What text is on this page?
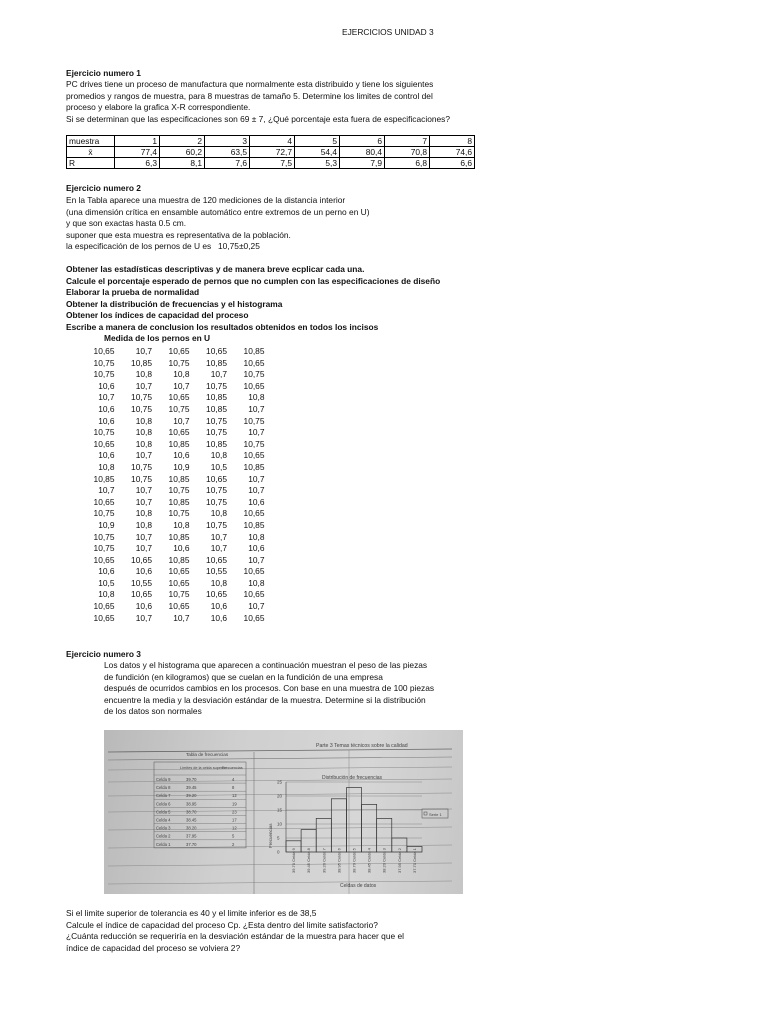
EJERCICIOS UNIDAD 3
Ejercicio numero 1
PC drives tiene un proceso de manufactura que normalmente esta distribuido y tiene los siguientes
promedios y rangos de muestra, para 8 muestras de tamaño 5. Determine los limites de control del
proceso y elabore la grafica X-R correspondiente.
Si se determinan que las especificaciones son 69 ± 7, ¿Qué porcentaje esta fuera de especificaciones?
muestra	1	2	3	4	5	6	7	8
x̄	77,4	60,2	63,5	72,7	54,4	80,4	70,8	74,6
R	6,3	8,1	7,6	7,5	5,3	7,9	6,8	6,6
Ejercicio numero 2
En la Tabla aparece una muestra de 120 mediciones de la distancia interior
(una dimensión crítica en ensamble automático entre extremos de un perno en U)
y que son exactas hasta 0.5 cm.
suponer que esta muestra es representativa de la población.
la especificación de los pernos de U es 10,75±0,25
Obtener las estadísticas descriptivas y de manera breve ecplicar cada una.
Calcule el porcentaje esperado de pernos que no cumplen con las especificaciones de diseño
Elaborar la prueba de normalidad
Obtener la distribución de frecuencias y el histograma
Obtener los índices de capacidad del proceso
Escribe a manera de conclusion los resultados obtenidos en todos los incisos
Medida de los pernos en U
10,65	10,7	10,65	10,65	10,85
10,75	10,85	10,75	10,85	10,65
10,75	10,8	10,8	10,7	10,75
10,6	10,7	10,7	10,75	10,65
10,7	10,75	10,65	10,85	10,8
10,6	10,75	10,75	10,85	10,7
10,6	10,8	10,7	10,75	10,75
10,75	10,8	10,65	10,75	10,7
10,65	10,8	10,85	10,85	10,75
10,6	10,7	10,6	10,8	10,65
10,8	10,75	10,9	10,5	10,85
10,85	10,75	10,85	10,65	10,7
10,7	10,7	10,75	10,75	10,7
10,65	10,7	10,85	10,75	10,6
10,75	10,8	10,75	10,8	10,65
10,9	10,8	10,8	10,75	10,85
10,75	10,7	10,85	10,7	10,8
10,75	10,7	10,6	10,7	10,6
10,65	10,65	10,85	10,65	10,7
10,6	10,6	10,65	10,55	10,65
10,5	10,55	10,65	10,8	10,8
10,8	10,65	10,75	10,65	10,65
10,65	10,6	10,65	10,6	10,7
10,65	10,7	10,7	10,6	10,65
Ejercicio numero 3
Los datos y el histograma que aparecen a continuación muestran el peso de las piezas
de fundición (en kilogramos) que se cuelan en la fundición de una empresa
después de ocurridos cambios en los procesos. Con base en una muestra de 100 piezas
encuentre la media y la desviación estándar de la muestra. Determine si la distribución
de los datos son normales
Parte 3 Temas técnicos sobre la calidad
Tabla de frecuencias
Límites de la celda superior
Frecuencias
Celda 9	39.70	4
Celda 8	39.45	8
Celda 7	39.20	12
Celda 6	38.95	19
Celda 5	38.70	23
Celda 4	38.45	17
Celda 3	38.20	12
Celda 2	37.95	5
Celda 1	37.70	2
Distribución de frecuencias
Frecuencias
Celdas de datos
Serie 1
25
20
15
10
5
0	39.70 Celda 9	39.45 Celda 8	39.20 Celda 7	38.95 Celda 6	38.70 Celda 5	38.45 Celda 4	38.20 Celda 3	37.95 Celda 2	37.70 Celda 1
Si el limite superior de tolerancia es 40 y el limite inferior es de 38,5
Calcule el índice de capacidad del proceso Cp. ¿Esta dentro del limite satisfactorio?
¿Cuánta reducción se requeriría en la desviación estándar de la muestra para hacer que el
índice de capacidad del proceso se volviera 2?
